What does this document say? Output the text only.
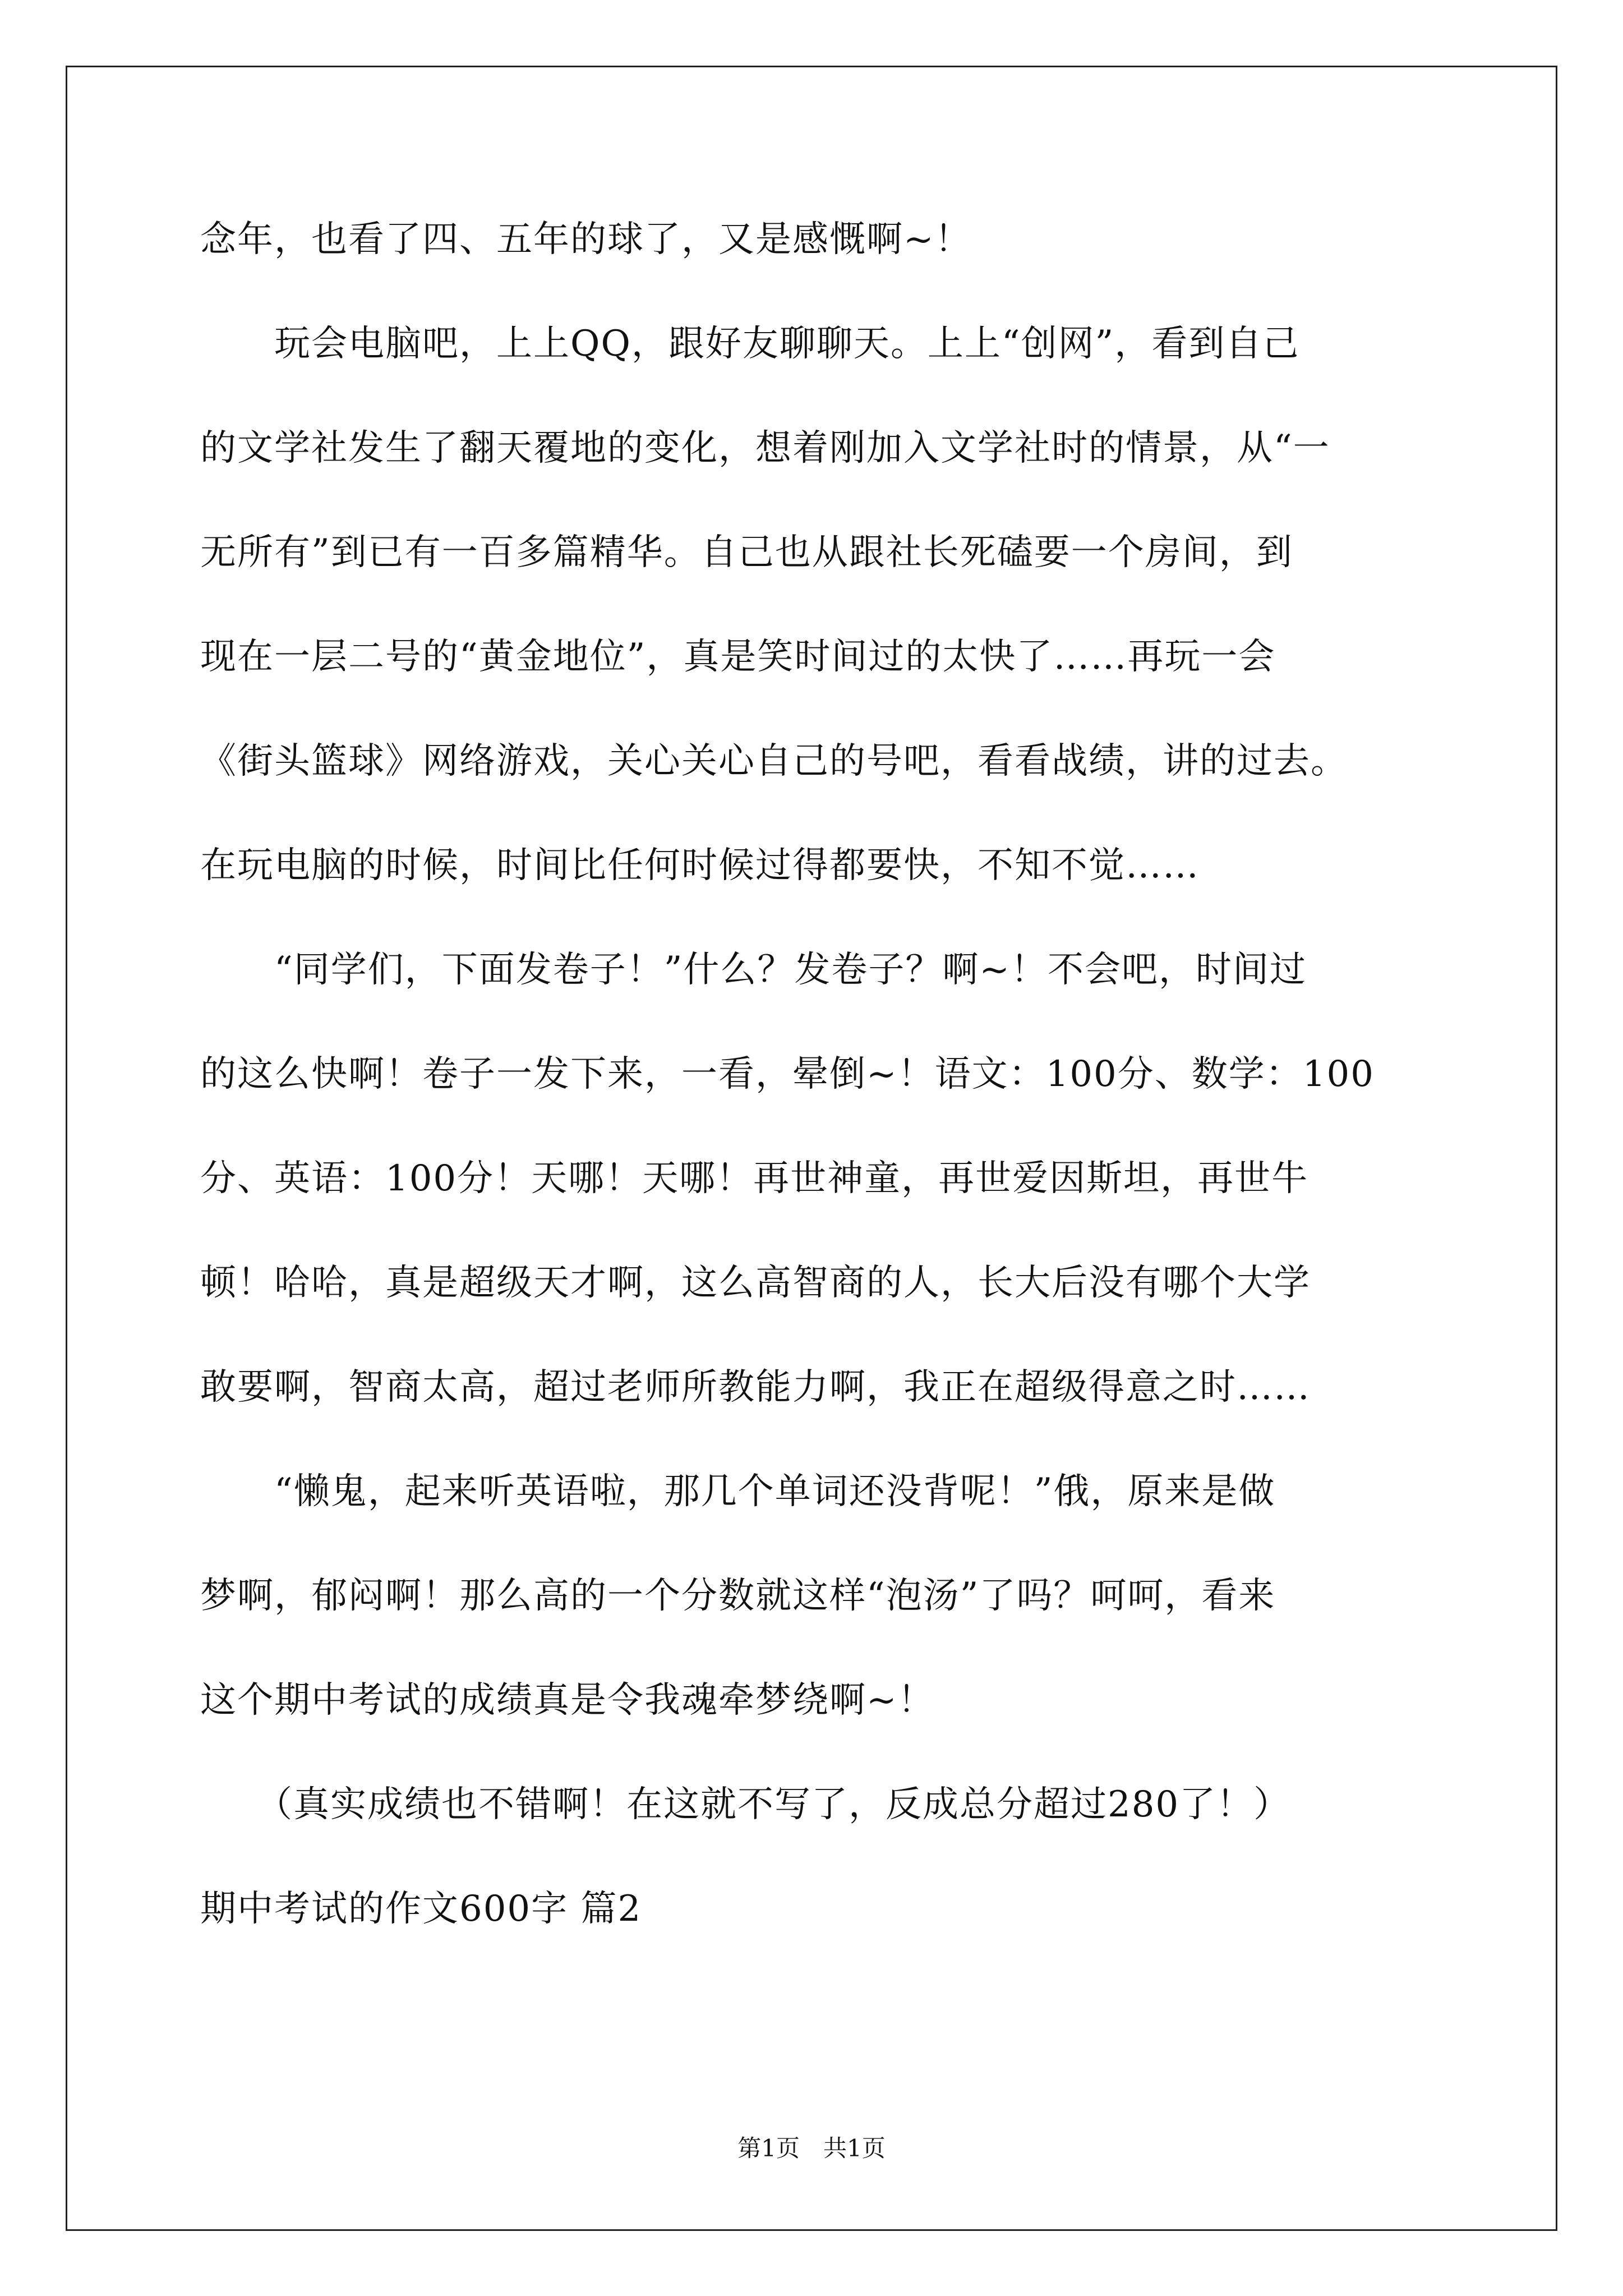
念年，也看了四、五年的球了，又是感慨啊~！
　　玩会电脑吧，上上QQ，跟好友聊聊天。上上“创网”，看到自己
的文学社发生了翻天覆地的变化，想着刚加入文学社时的情景，从“一
无所有”到已有一百多篇精华。自己也从跟社长死磕要一个房间，到
现在一层二号的“黄金地位”，真是笑时间过的太快了……再玩一会
《街头篮球》网络游戏，关心关心自己的号吧，看看战绩，讲的过去。
在玩电脑的时候，时间比任何时候过得都要快，不知不觉……
　　“同学们，下面发卷子！”什么？发卷子？啊~！不会吧，时间过
的这么快啊！卷子一发下来，一看，晕倒~！语文：100分、数学：100
分、英语：100分！天哪！天哪！再世神童，再世爱因斯坦，再世牛
顿！哈哈，真是超级天才啊，这么高智商的人，长大后没有哪个大学
敢要啊，智商太高，超过老师所教能力啊，我正在超级得意之时……
　　“懒鬼，起来听英语啦，那几个单词还没背呢！”俄，原来是做
梦啊，郁闷啊！那么高的一个分数就这样“泡汤”了吗？呵呵，看来
这个期中考试的成绩真是令我魂牵梦绕啊~！
　　（真实成绩也不错啊！在这就不写了，反成总分超过280了！）
期中考试的作文600字 篇2
第1页　共1页
